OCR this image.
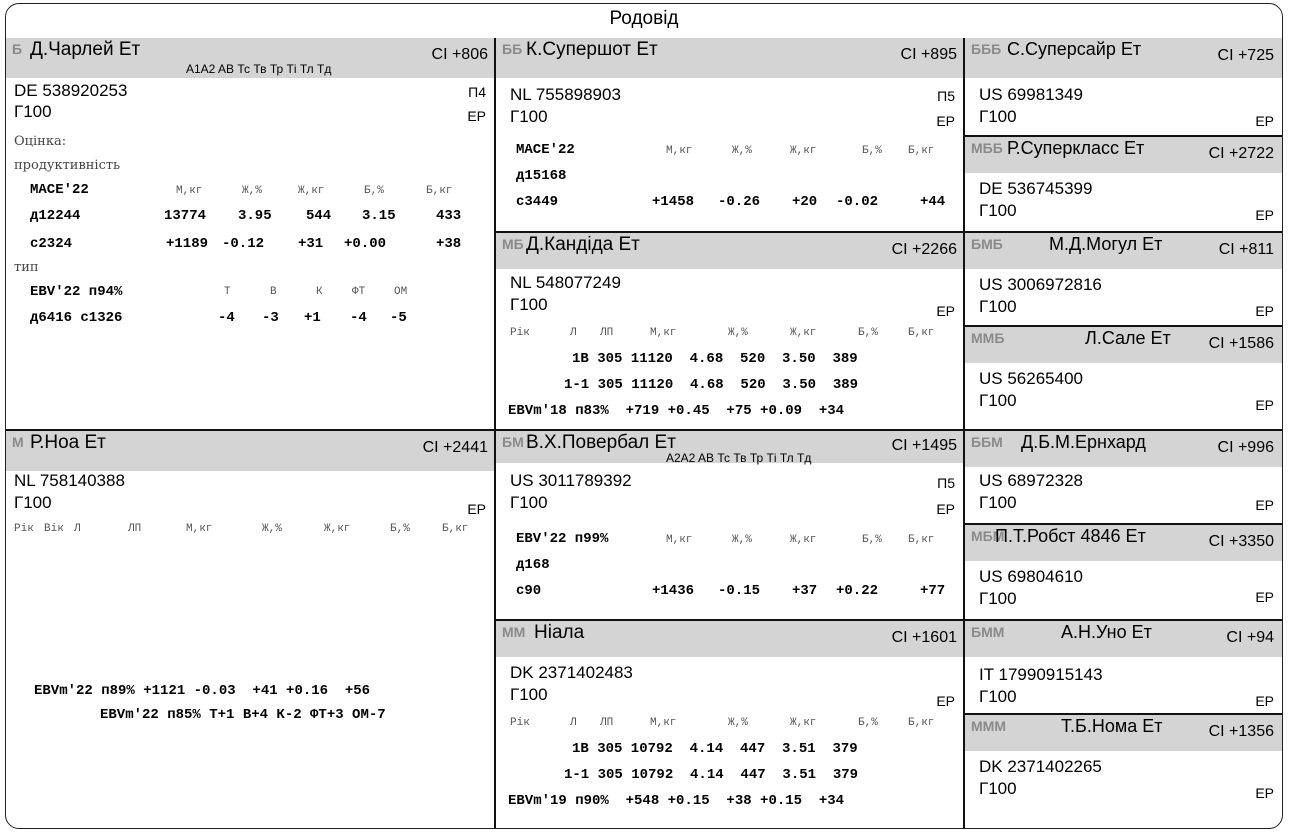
Родовід
Б Д.Чарлей Ет	CI +806
A1A2 AB Тс Тв Тр Ті Тл Тд
DE 538920253	П4
Г100	ЕР
Оцінка:
продуктивність
MACE'22	М,кг	Ж,%	Ж,кг	Б,%	Б,кг
д12244	13774 3.95 544 3.15	433
с2324	+1189 -0.12 +31 +0.00	+38
тип
EBV'22 п94%	Т	В	К	ФТ	ОМ
д6416 с1326	-4 -3 +1 -4 -5
М Р.Ноа Ет	CI +2441
NL 758140388
Г100	ЕР
Рік Вік Л	ЛП	М,кг	Ж,%	Ж,кг	Б,%	Б,кг
EBVm'22 п89% +1121 -0.03  +41 +0.16  +56
EBVm'22 п85% Т+1 В+4 К-2 ФТ+3 ОМ-7
ББ К.Супершот Ет	CI +895
NL 755898903	П5
Г100	ЕР
MACE'22	М,кг	Ж,%	Ж,кг	Б,% Б,кг
д15168
с3449	+1458 -0.26 +20 -0.02	+44
МБ Д.Кандіда Ет	CI +2266
NL 548077249
Г100	ЕР
Рік	Л ЛП	М,кг	Ж,%	Ж,кг	Б,%	Б,кг
1В 305 11120  4.68  520  3.50  389
1-1 305 11120  4.68  520  3.50  389
EBVm'18 п83%  +719 +0.45  +75 +0.09  +34
БМ В.Х.Повербал Ет	CI +1495
A2A2 AB Тс Тв Тр Ті Тл Тд
US 3011789392	П5
Г100	ЕР
EBV'22 п99%	М,кг	Ж,%	Ж,кг	Б,% Б,кг
д168
с90	+1436 -0.15 +37 +0.22	+77
ММ Ніала	CI +1601
DK 2371402483
Г100	ЕР
Рік	Л ЛП	М,кг	Ж,%	Ж,кг	Б,%	Б,кг
1В 305 10792  4.14  447  3.51  379
1-1 305 10792  4.14  447  3.51  379
EBVm'19 п90%  +548 +0.15  +38 +0.15  +34
БББ С.Суперсайр Ет	CI +725
US 69981349
Г100	ЕР
МББ Р.Суперкласс Ет	CI +2722
DE 536745399
Г100	ЕР
БМБ	М.Д.Могул Ет	CI +811
US 3006972816
Г100	ЕР
ММБ	Л.Сале Ет CI +1586
US 56265400
Г100	ЕР
ББМ Д.Б.М.Ернхард	CI +996
US 68972328
Г100	ЕР
МБМ
П.Т.Робст 4846 Ет	CI +3350
US 69804610
Г100	ЕР
БММ	А.Н.Уно Ет	CI +94
IT 17990915143
Г100	ЕР
МММ	Т.Б.Нома Ет	CI +1356
DK 2371402265
Г100	ЕР
